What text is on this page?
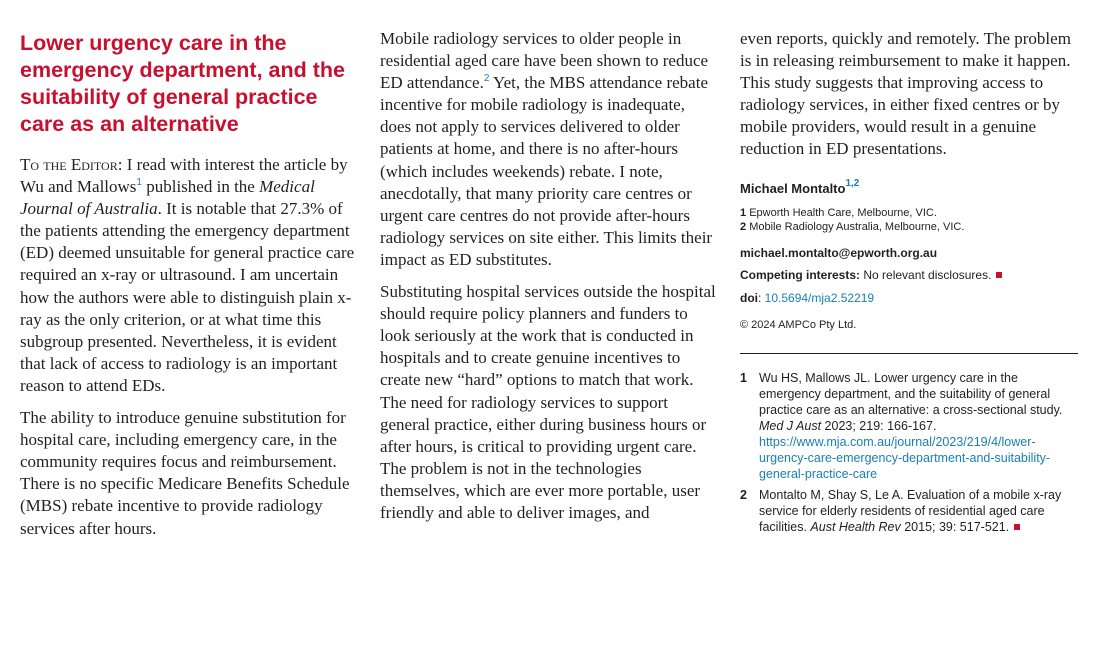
Lower urgency care in the emergency department, and the suitability of general practice care as an alternative

To the Editor: I read with interest the article by Wu and Mallows$^1$ published in the Medical Journal of Australia. It is notable that 27.3% of the patients attending the emergency department (ED) deemed unsuitable for general practice care required an x-ray or ultrasound. I am uncertain how the authors were able to distinguish plain x-ray as the only criterion, or at what time this subgroup presented. Nevertheless, it is evident that lack of access to radiology is an important reason to attend EDs.

The ability to introduce genuine substitution for hospital care, including emergency care, in the community requires focus and reimbursement. There is no specific Medicare Benefits Schedule (MBS) rebate incentive to provide radiology services after hours.

Mobile radiology services to older people in residential aged care have been shown to reduce ED attendance.$^2$ Yet, the MBS attendance rebate incentive for mobile radiology is inadequate, does not apply to services delivered to older patients at home, and there is no after-hours (which includes weekends) rebate. I note, anecdotally, that many priority care centres or urgent care centres do not provide after-hours radiology services on site either. This limits their impact as ED substitutes.

Substituting hospital services outside the hospital should require policy planners and funders to look seriously at the work that is conducted in hospitals and to create genuine incentives to create new “hard” options to match that work. The need for radiology services to support general practice, either during business hours or after hours, is critical to providing urgent care. The problem is not in the technologies themselves, which are ever more portable, user friendly and able to deliver images, and

even reports, quickly and remotely. The problem is in releasing reimbursement to make it happen. This study suggests that improving access to radiology services, in either fixed centres or by mobile providers, would result in a genuine reduction in ED presentations.

Michael Montalto$^{1,2}$

1 Epworth Health Care, Melbourne, VIC.

2 Mobile Radiology Australia, Melbourne, VIC.

michael.montalto@epworth.org.au

Competing interests: No relevant disclosures.

doi: 10.5694/mja2.52219

© 2024 AMPCo Pty Ltd.

1 Wu HS, Mallows JL. Lower urgency care in the emergency department, and the suitability of general practice care as an alternative: a cross-sectional study. Med J Aust 2023; 219: 166-167. https://www.mja.com.au/journal/2023/219/4/lower-urgency-care-emergency-department-and-suitability-general-practice-care
2 Montalto M, Shay S, Le A. Evaluation of a mobile x-ray service for elderly residents of residential aged care facilities. Aust Health Rev 2015; 39: 517-521.
